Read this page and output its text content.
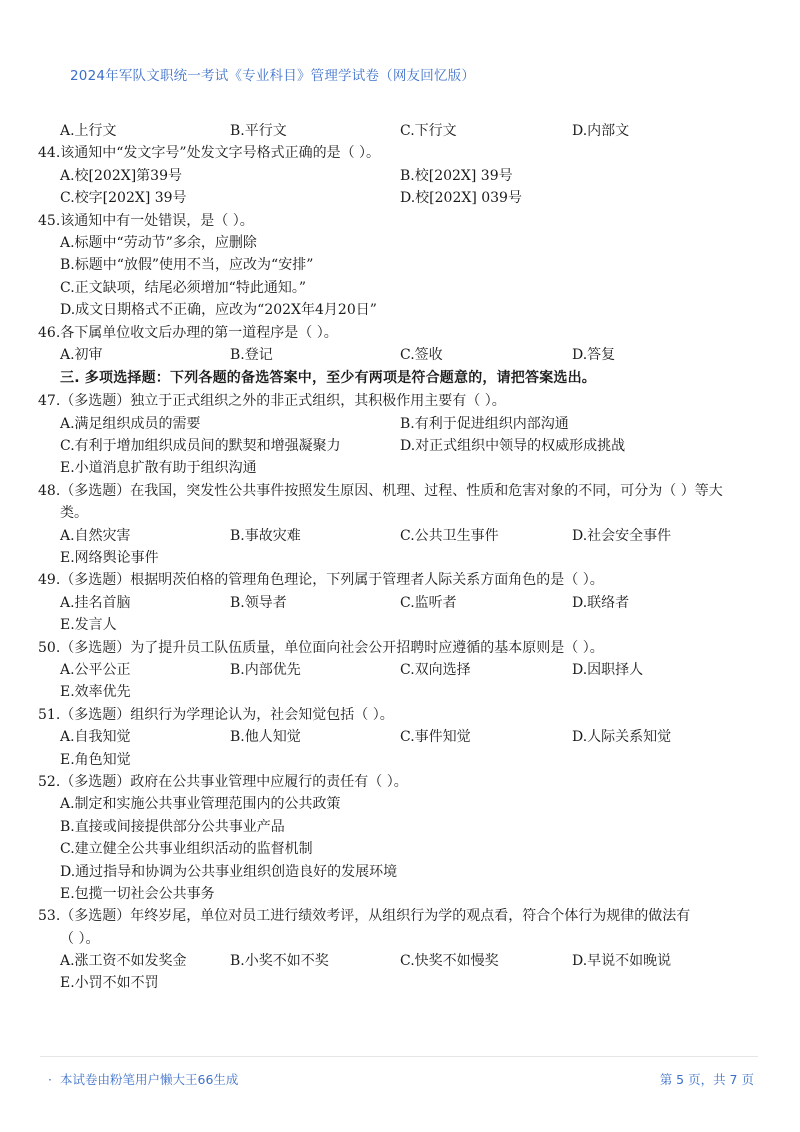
2024年军队文职统一考试《专业科目》管理学试卷（网友回忆版）
A.上行文	B.平行文	C.下行文	D.内部文
44.该通知中“发文字号”处发文字号格式正确的是（ ）。
A.校[202X]第39号	B.校[202X] 39号
C.校字[202X] 39号	D.校[202X] 039号
45.该通知中有一处错误，是（ ）。
A.标题中“劳动节”多余，应删除
B.标题中“放假”使用不当，应改为“安排”
C.正文缺项，结尾必须增加“特此通知。”
D.成文日期格式不正确，应改为“202X年4月20日”
46.各下属单位收文后办理的第一道程序是（ ）。
A.初审	B.登记	C.签收	D.答复
三. 多项选择题：下列各题的备选答案中，至少有两项是符合题意的，请把答案选出。
47.（多选题）独立于正式组织之外的非正式组织，其积极作用主要有（ ）。
A.满足组织成员的需要	B.有利于促进组织内部沟通
C.有利于增加组织成员间的默契和增强凝聚力	D.对正式组织中领导的权威形成挑战
E.小道消息扩散有助于组织沟通
48.（多选题）在我国，突发性公共事件按照发生原因、机理、过程、性质和危害对象的不同，可分为（ ）等大
类。
A.自然灾害	B.事故灾难	C.公共卫生事件	D.社会安全事件
E.网络舆论事件
49.（多选题）根据明茨伯格的管理角色理论，下列属于管理者人际关系方面角色的是（ ）。
A.挂名首脑	B.领导者	C.监听者	D.联络者
E.发言人
50.（多选题）为了提升员工队伍质量，单位面向社会公开招聘时应遵循的基本原则是（ ）。
A.公平公正	B.内部优先	C.双向选择	D.因职择人
E.效率优先
51.（多选题）组织行为学理论认为，社会知觉包括（ ）。
A.自我知觉	B.他人知觉	C.事件知觉	D.人际关系知觉
E.角色知觉
52.（多选题）政府在公共事业管理中应履行的责任有（ ）。
A.制定和实施公共事业管理范围内的公共政策
B.直接或间接提供部分公共事业产品
C.建立健全公共事业组织活动的监督机制
D.通过指导和协调为公共事业组织创造良好的发展环境
E.包揽一切社会公共事务
53.（多选题）年终岁尾，单位对员工进行绩效考评，从组织行为学的观点看，符合个体行为规律的做法有
（ ）。
A.涨工资不如发奖金	B.小奖不如不奖	C.快奖不如慢奖	D.早说不如晚说
E.小罚不如不罚
· 本试卷由粉笔用户懒大王66生成	第 5 页，共 7 页
